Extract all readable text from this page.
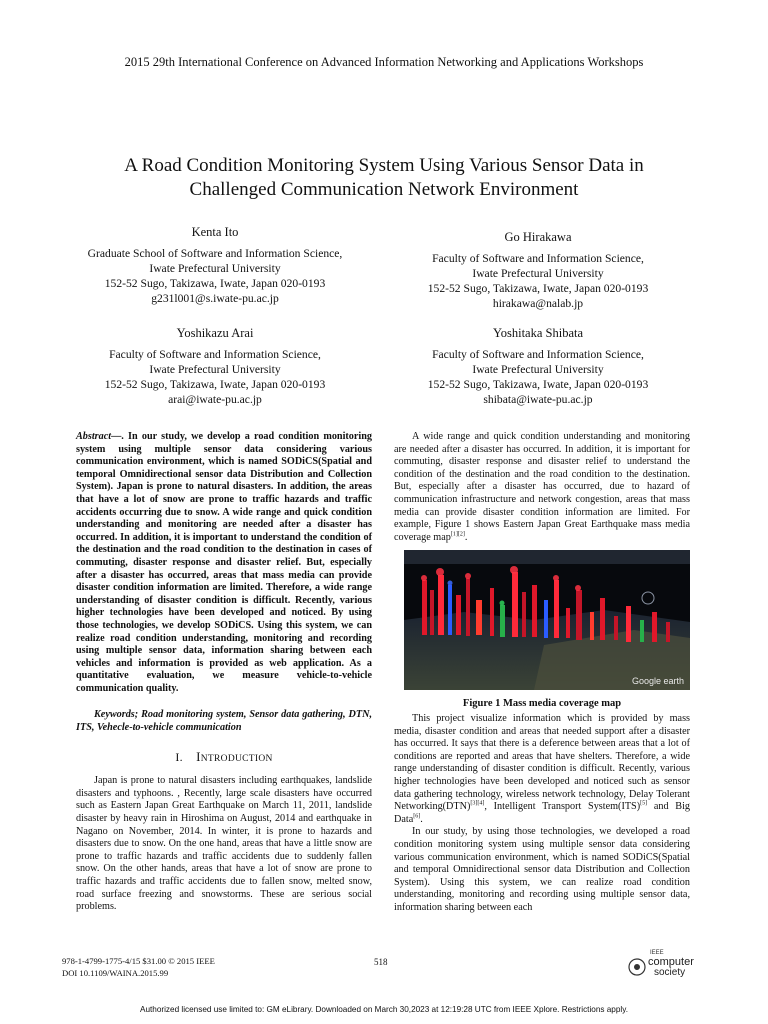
2015 29th International Conference on Advanced Information Networking and Applications Workshops
A Road Condition Monitoring System Using Various Sensor Data in
Challenged Communication Network Environment
Kenta Ito
Graduate School of Software and Information Science,
Iwate Prefectural University
152-52 Sugo, Takizawa, Iwate, Japan 020-0193
g231l001@s.iwate-pu.ac.jp
Go Hirakawa
Faculty of Software and Information Science,
Iwate Prefectural University
152-52 Sugo, Takizawa, Iwate, Japan 020-0193
hirakawa@nalab.jp
Yoshikazu Arai
Faculty of Software and Information Science,
Iwate Prefectural University
152-52 Sugo, Takizawa, Iwate, Japan 020-0193
arai@iwate-pu.ac.jp
Yoshitaka Shibata
Faculty of Software and Information Science,
Iwate Prefectural University
152-52 Sugo, Takizawa, Iwate, Japan 020-0193
shibata@iwate-pu.ac.jp

Abstract—. In our study, we develop a road condition monitoring system using multiple sensor data considering various communication environment, which is named SODiCS(Spatial and temporal Omnidirectional sensor data Distribution and Collection System). Japan is prone to natural disasters. In addition, the areas that have a lot of snow are prone to traffic hazards and traffic accidents occurring due to snow. A wide range and quick condition understanding and monitoring are needed after a disaster has occurred. In addition, it is important to understand the condition of the destination and the road condition to the destination in cases of commuting, disaster response and disaster relief. But, especially after a disaster has occurred, areas that mass media can provide disaster condition information are limited. Therefore, a wide range understanding of disaster condition is difficult. Recently, various higher technologies have been developed and noticed. By using those technologies, we develop SODiCS. Using this system, we can realize road condition understanding, monitoring and recording using multiple sensor data, information sharing between each vehicles and information is provided as web application. As a quantitative evaluation, we measure vehicle-to-vehicle communication quality.

Keywords; Road monitoring system, Sensor data gathering, DTN, ITS, Vehecle-to-vehicle communication

I. INTRODUCTION

Japan is prone to natural disasters including earthquakes, landslide disasters and typhoons. , Recently, large scale disasters have occurred such as Eastern Japan Great Earthquake on March 11, 2011, landslide disaster by heavy rain in Hiroshima on August, 2014 and earthquake in Nagano on November, 2014. In winter, it is prone to hazards and disasters due to snow. On the one hand, areas that have a little snow are prone to traffic hazards and traffic accidents due to suddenly fallen snow. On the other hands, areas that have a lot of snow are prone to traffic hazards and traffic accidents due to fallen snow, melted snow, road surface freezing and snowstorms. These are serious social problems.

A wide range and quick condition understanding and monitoring are needed after a disaster has occurred. In addition, it is important for commuting, disaster response and disaster relief to understand the condition of the destination and the road condition to the destination. But, especially after a disaster has occurred, due to hazard of communication infrastructure and network congestion, areas that mass media can provide disaster condition information are limited. For example, Figure 1 shows Eastern Japan Great Earthquake mass media coverage map[1][2].

Google earth
Figure 1 Mass media coverage map

This project visualize information which is provided by mass media, disaster condition and areas that needed support after a disaster has occurred. It says that there is a deference between areas that a lot of conditions are reported and areas that have shelters. Therefore, a wide range understanding of disaster condition is difficult. Recently, various higher technologies have been developed and noticed such as sensor data gathering technology, wireless network technology, Delay Tolerant Networking(DTN)[3][4], Intelligent Transport System(ITS)[5] and Big Data[6].

In our study, by using those technologies, we developed a road condition monitoring system using multiple sensor data considering various communication environment, which is named SODiCS(Spatial and temporal Omnidirectional sensor data Distribution and Collection System). Using this system, we can realize road condition understanding, monitoring and recording using multiple sensor data, information sharing between each

978-1-4799-1775-4/15 $31.00 © 2015 IEEE
DOI 10.1109/WAINA.2015.99
518
IEEE
computer
society
Authorized licensed use limited to: GM eLibrary. Downloaded on March 30,2023 at 12:19:28 UTC from IEEE Xplore. Restrictions apply.
